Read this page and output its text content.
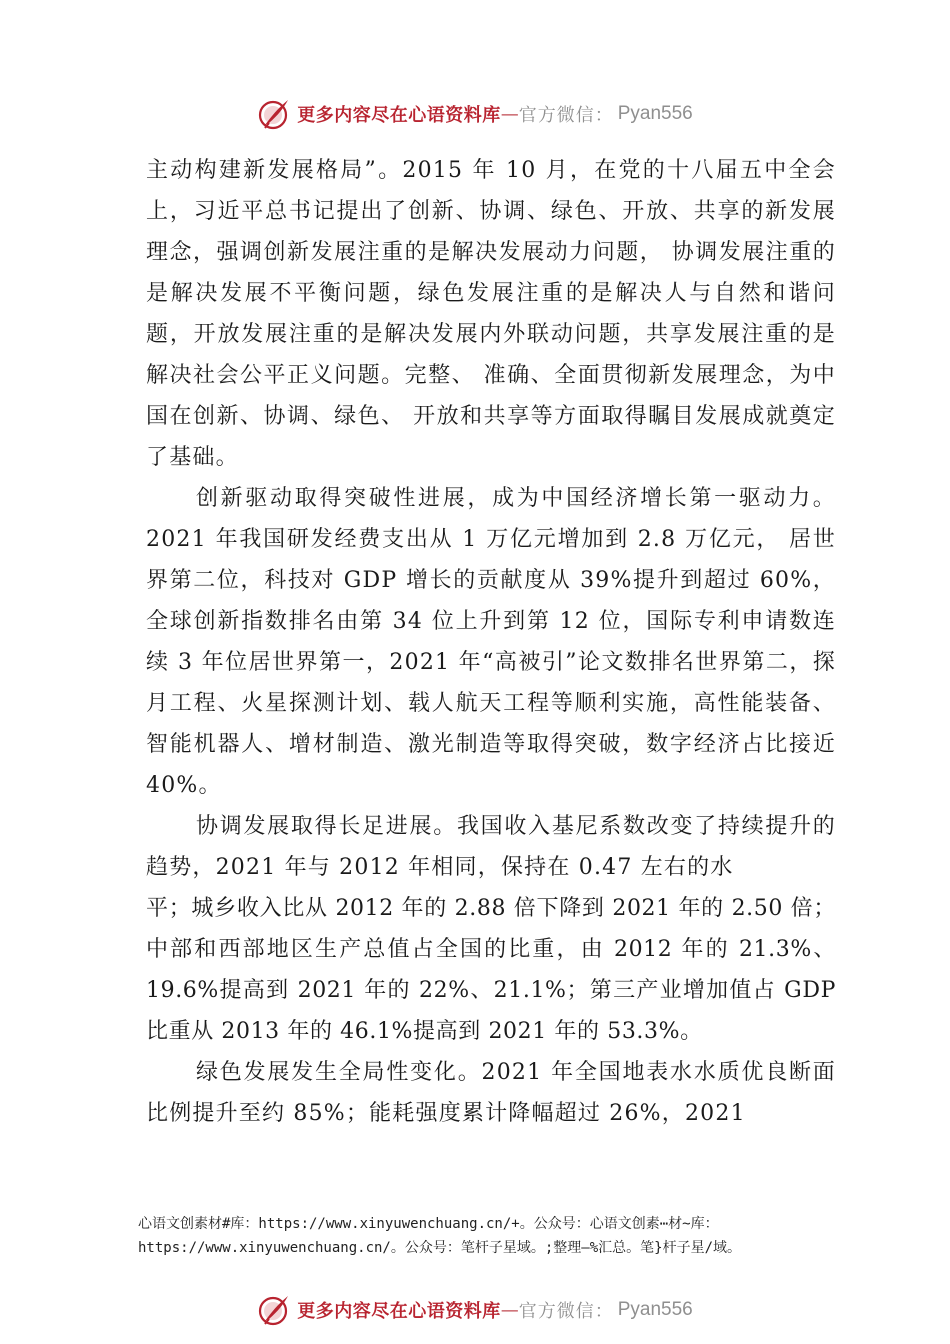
更多内容尽在心语资料库 — 官方微信： Pyan556

主动构建新发展格局”。2015 年 10 月，在党的十八届五中全会上，习近平总书记提出了创新、协调、绿色、开放、共享的新发展理念，强调创新发展注重的是解决发展动力问题， 协调发展注重的是解决发展不平衡问题，绿色发展注重的是解决人与自然和谐问题，开放发展注重的是解决发展内外联动问题，共享发展注重的是解决社会公平正义问题。完整、 准确、全面贯彻新发展理念，为中国在创新、协调、绿色、 开放和共享等方面取得瞩目发展成就奠定了基础。

创新驱动取得突破性进展，成为中国经济增长第一驱动力。2021 年我国研发经费支出从 1 万亿元增加到 2.8 万亿元， 居世界第二位，科技对 GDP 增长的贡献度从 39%提升到超过 60%，全球创新指数排名由第 34 位上升到第 12 位，国际专利申请数连续 3 年位居世界第一，2021 年“高被引”论文数排名世界第二，探月工程、火星探测计划、载人航天工程等顺利实施，高性能装备、智能机器人、增材制造、激光制造等取得突破，数字经济占比接近 40%。

协调发展取得长足进展。我国收入基尼系数改变了持续提升的趋势，2021 年与 2012 年相同，保持在 0.47 左右的水

平；城乡收入比从 2012 年的 2.88 倍下降到 2021 年的 2.50 倍；中部和西部地区生产总值占全国的比重，由 2012 年的 21.3%、19.6%提高到 2021 年的 22%、21.1%；第三产业增加值占 GDP 比重从 2013 年的 46.1%提高到 2021 年的 53.3%。

绿色发展发生全局性变化。2021 年全国地表水水质优良断面比例提升至约 85%；能耗强度累计降幅超过 26%，2021

心语文创素材#库：https://www.xinyuwenchuang.cn/+。公众号：心语文创素⋯材~库：
https://www.xinyuwenchuang.cn/。公众号：笔杆子星域。;整理—%汇总。笔}杆子星/域。
更多内容尽在心语资料库 — 官方微信： Pyan556
